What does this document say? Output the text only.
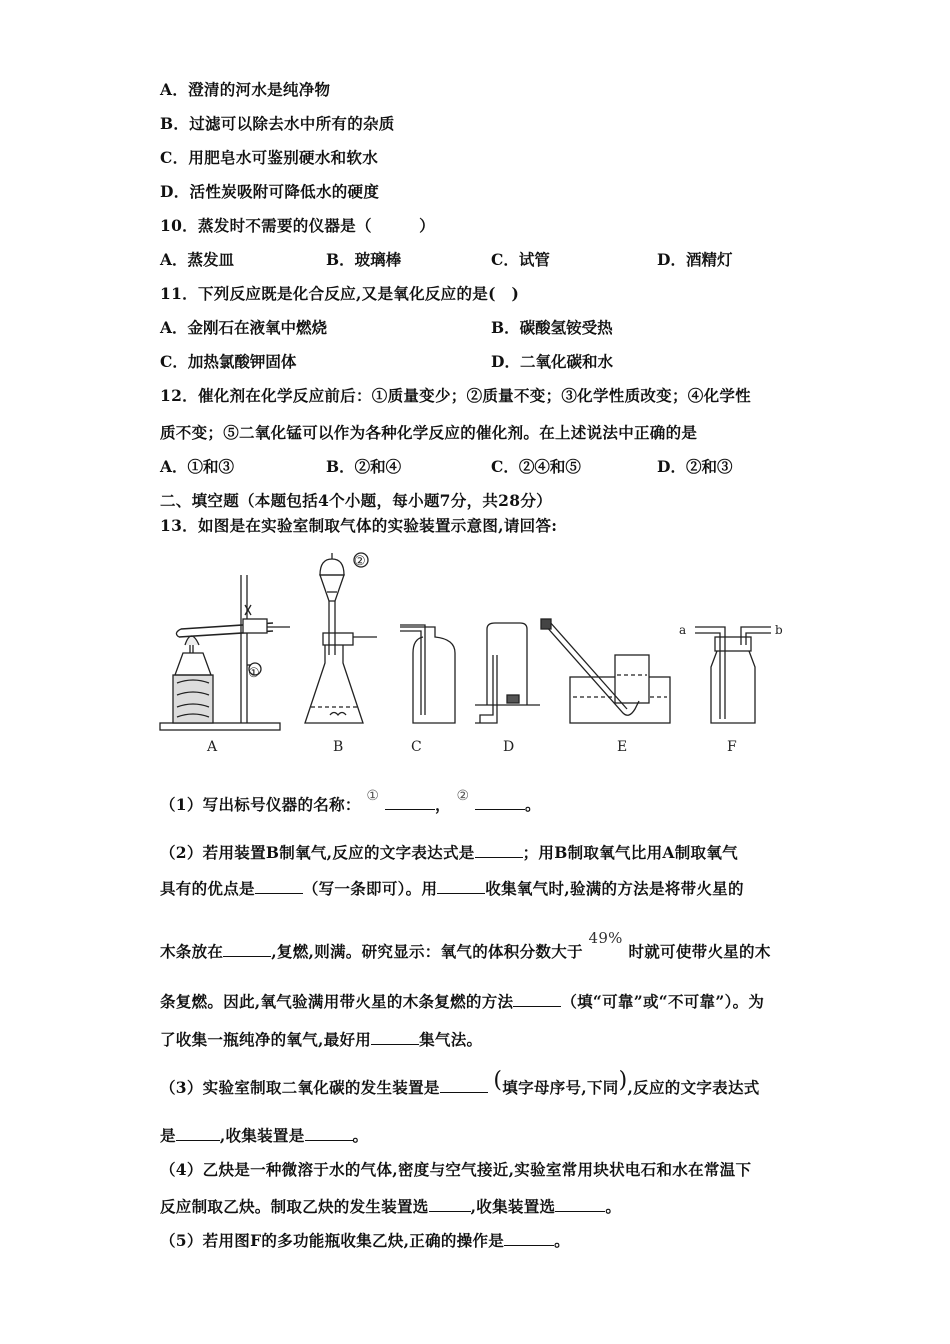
A．澄清的河水是纯净物
B．过滤可以除去水中所有的杂质
C．用肥皂水可鉴别硬水和软水
D．活性炭吸附可降低水的硬度
10．蒸发时不需要的仪器是（　　　）
A．蒸发皿	B．玻璃棒	C．试管	D．酒精灯
11．下列反应既是化合反应,又是氧化反应的是(　)
A．金刚石在液氧中燃烧	B．碳酸氢铵受热
C．加热氯酸钾固体	D．二氧化碳和水
12．催化剂在化学反应前后：①质量变少；②质量不变；③化学性质改变；④化学性
质不变；⑤二氧化锰可以作为各种化学反应的催化剂。在上述说法中正确的是
A．①和③	B．②和④	C．②④和⑤	D．②和③
二、填空题（本题包括4个小题，每小题7分，共28分）
13．如图是在实验室制取气体的实验装置示意图,请回答:
A	B	C	D	E	F
①
②
a	b
（1）写出标号仪器的名称： ①	， ②	。
（2）若用装置B制氧气,反应的文字表达式是	；用B制取氧气比用A制取氧气
具有的优点是	（写一条即可）。用	收集氧气时,验满的方法是将带火星的
木条放在	,复燃,则满。研究显示：氧气的体积分数大于 49% 时就可使带火星的木
条复燃。因此,氧气验满用带火星的木条复燃的方法	（填“可靠”或“不可靠”）。为
了收集一瓶纯净的氧气,最好用	集气法。
（3）实验室制取二氧化碳的发生装置是 (填字母序号,下同),反应的文字表达式
是	,收集装置是	。
（4）乙炔是一种微溶于水的气体,密度与空气接近,实验室常用块状电石和水在常温下
反应制取乙炔。制取乙炔的发生装置选	,收集装置选	。
（5）若用图F的多功能瓶收集乙炔,正确的操作是	。
